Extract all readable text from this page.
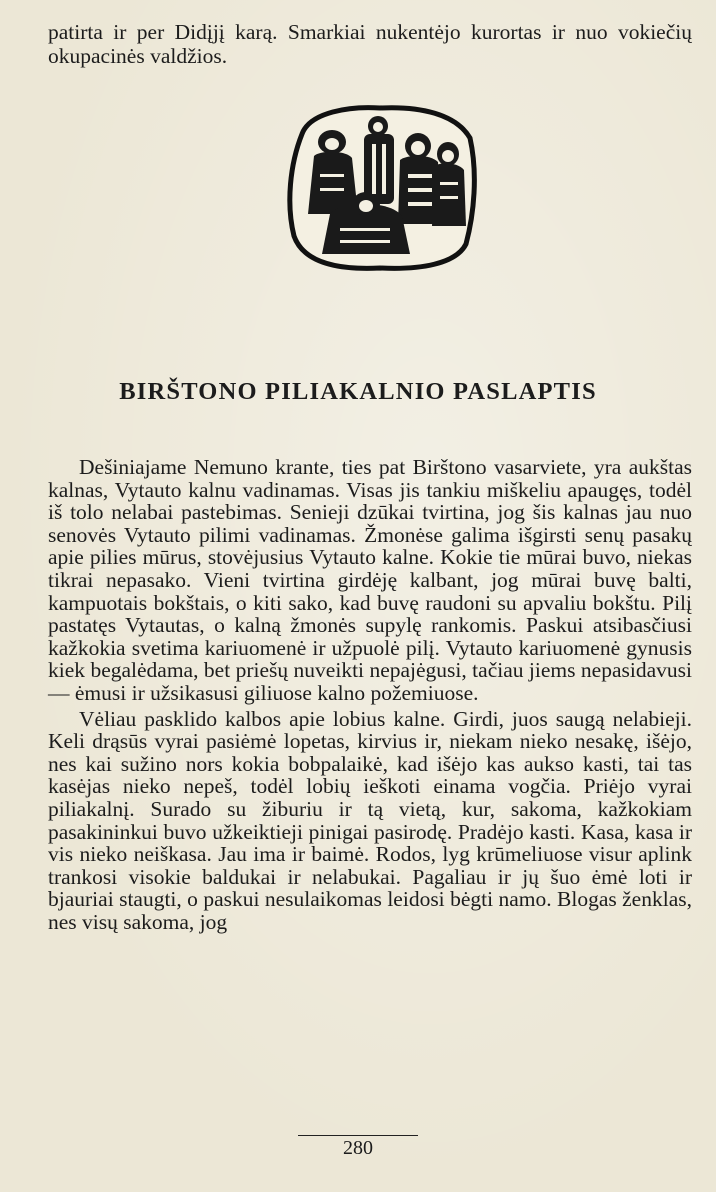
patirta ir per Didįjį karą. Smarkiai nukentėjo kurortas ir nuo vokiečių okupacinės valdžios.

BIRŠTONO PILIAKALNIO PASLAPTIS

Dešiniajame Nemuno krante, ties pat Birštono vasarviete, yra aukštas kalnas, Vytauto kalnu vadinamas. Visas jis tankiu miškeliu apaugęs, todėl iš tolo nelabai pastebimas. Senieji dzūkai tvirtina, jog šis kalnas jau nuo senovės Vytauto pilimi vadinamas. Žmonėse galima išgirsti senų pasakų apie pilies mūrus, stovėjusius Vytauto kalne. Kokie tie mūrai buvo, niekas tikrai nepasako. Vieni tvirtina girdėję kalbant, jog mūrai buvę balti, kampuotais bokštais, o kiti sako, kad buvę raudoni su apvaliu bokštu. Pilį pastatęs Vytautas, o kalną žmonės supylę rankomis. Paskui atsibasčiusi kažkokia svetima kariuomenė ir užpuolė pilį. Vytauto kariuomenė gynusis kiek begalėdama, bet priešų nuveikti nepajėgusi, tačiau jiems nepasidavusi — ėmusi ir užsikasusi giliuose kalno požemiuose.

Vėliau pasklido kalbos apie lobius kalne. Girdi, juos saugą nelabieji. Keli drąsūs vyrai pasiėmė lopetas, kirvius ir, niekam nieko nesakę, išėjo, nes kai sužino nors kokia bobpalaikė, kad išėjo kas aukso kasti, tai tas kasėjas nieko nepeš, todėl lobių ieškoti einama vogčia. Priėjo vyrai piliakalnį. Surado su žiburiu ir tą vietą, kur, sakoma, kažkokiam pasakininkui buvo užkeiktieji pinigai pasirodę. Pradėjo kasti. Kasa, kasa ir vis nieko neiškasa. Jau ima ir baimė. Rodos, lyg krūmeliuose visur aplink trankosi visokie baldukai ir nelabukai. Pagaliau ir jų šuo ėmė loti ir bjauriai staugti, o paskui nesulaikomas leidosi bėgti namo. Blogas ženklas, nes visų sakoma, jog

280
